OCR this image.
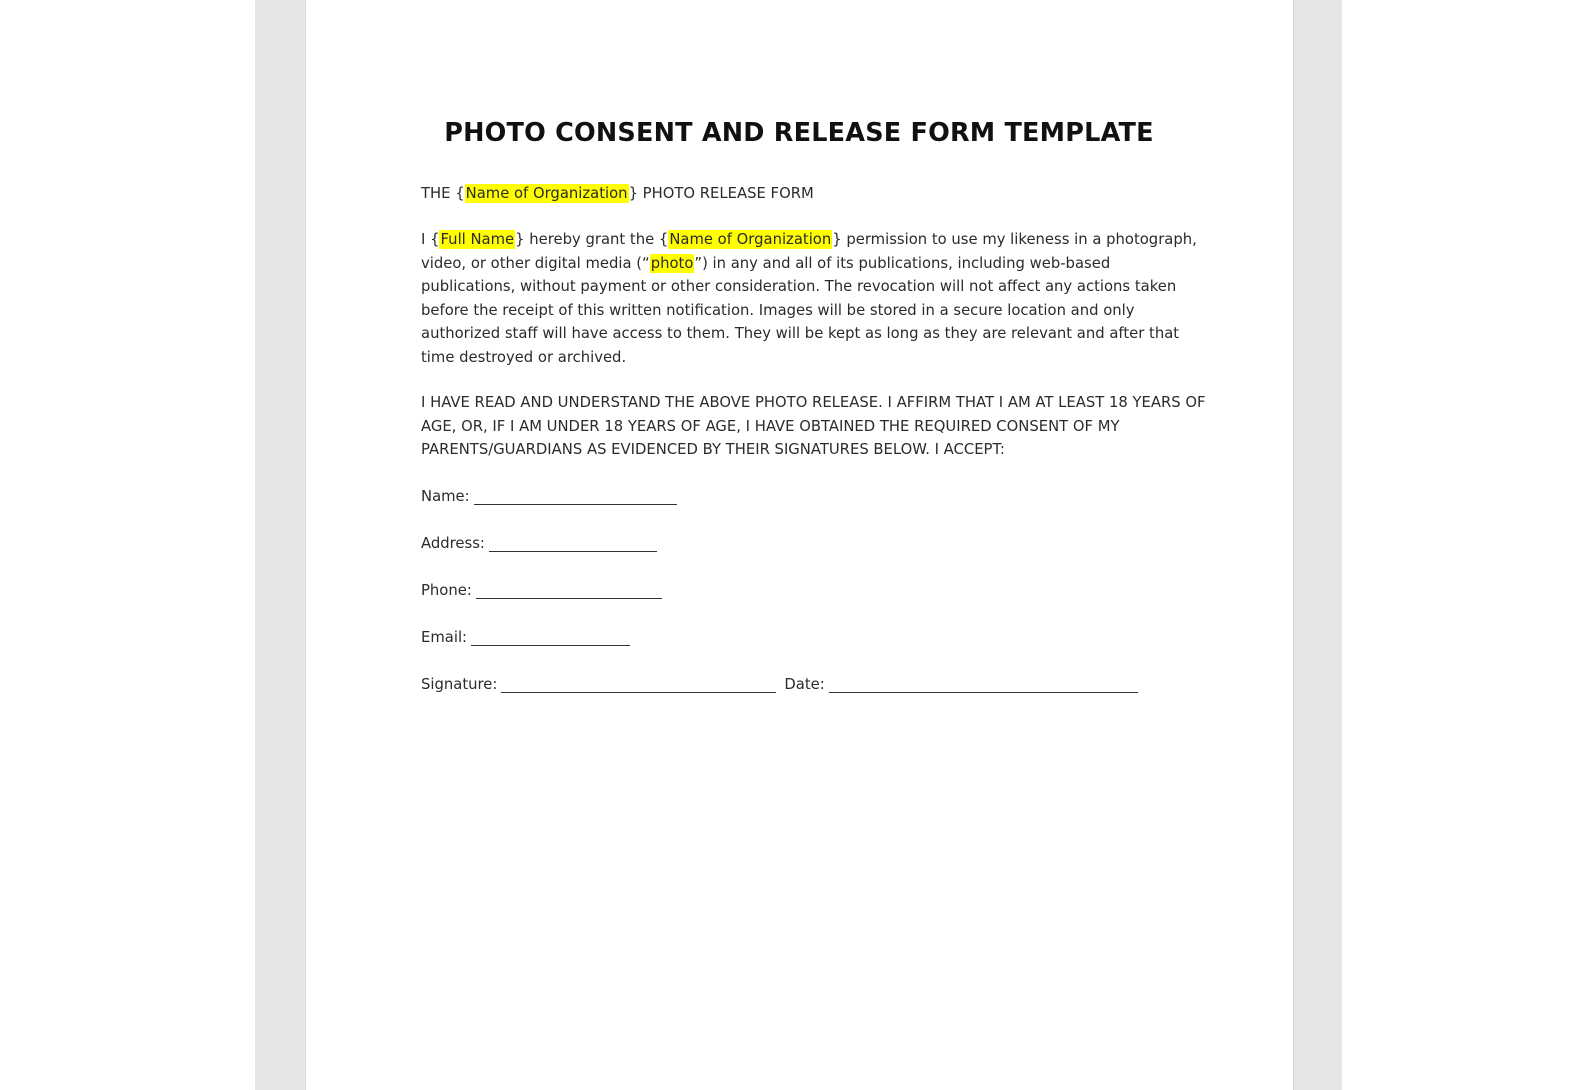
PHOTO CONSENT AND RELEASE FORM TEMPLATE
THE {Name of Organization} PHOTO RELEASE FORM
I {Full Name} hereby grant the {Name of Organization} permission to use my likeness in a photograph,
video, or other digital media (“photo”) in any and all of its publications, including web-based
publications, without payment or other consideration. The revocation will not affect any actions taken
before the receipt of this written notification. Images will be stored in a secure location and only
authorized staff will have access to them. They will be kept as long as they are relevant and after that
time destroyed or archived.
I HAVE READ AND UNDERSTAND THE ABOVE PHOTO RELEASE. I AFFIRM THAT I AM AT LEAST 18 YEARS OF
AGE, OR, IF I AM UNDER 18 YEARS OF AGE, I HAVE OBTAINED THE REQUIRED CONSENT OF MY
PARENTS/GUARDIANS AS EVIDENCED BY THEIR SIGNATURES BELOW. I ACCEPT:
Name:
Address:
Phone:
Email:
Signature:	Date:
